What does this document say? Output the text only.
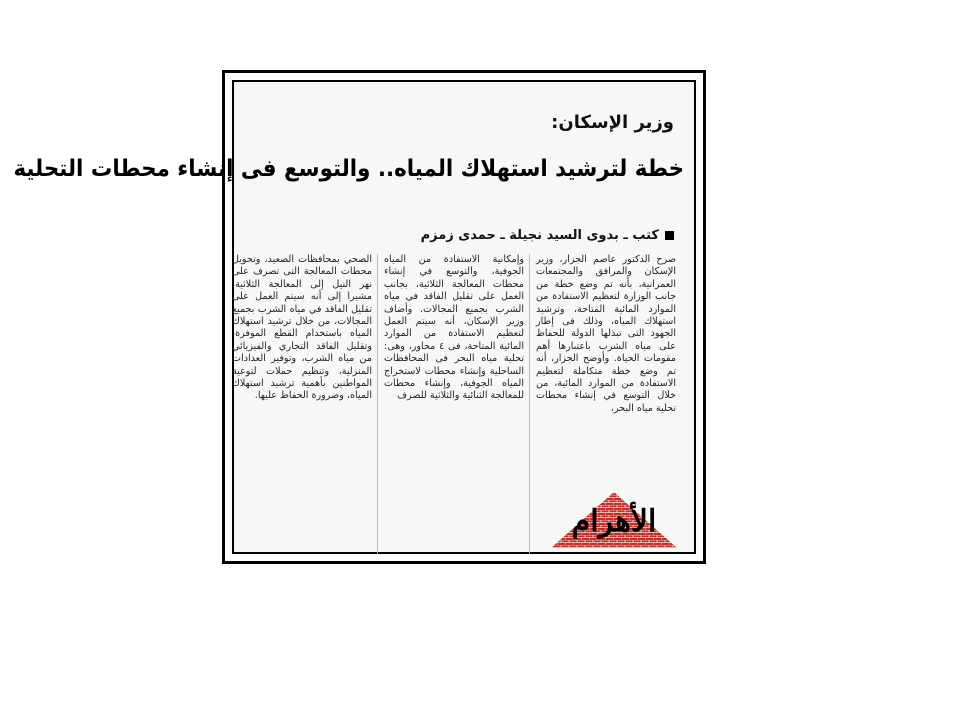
وزير الإسكان:
خطة لترشيد استهلاك المياه.. والتوسع فى إنشاء محطات التحلية
كتب ـ بدوى السيد نجيلة ـ حمدى زمزم

صرح الدكتور عاصم الجزار، وزير الإسكان والمرافق والمجتمعات العمرانية، بأنه تم وضع خطة من جانب الوزارة لتعظيم الاستفادة من الموارد المائية المتاحة، وترشيد استهلاك المياه، وذلك فى إطار الجهود التى تبذلها الدولة للحفاظ على مياه الشرب باعتبارها أهم مقومات الحياة. وأوضح الجزار، أنه تم وضع خطة متكاملة لتعظيم الاستفادة من الموارد المائية، من خلال التوسع في إنشاء محطات تحلية مياه البحر،

وإمكانية الاستفادة من المياه الجوفية، والتوسع في إنشاء محطات المعالجة الثلاثية، بجانب العمل على تقليل الفاقد في مياه الشرب بجميع المجالات. وأضاف وزير الإسكان، أنه سيتم العمل لتعظيم الاستفادة من الموارد المائية المتاحة، فى ٤ محاور، وهى: تحلية مياه البحر فى المحافظات الساحلية وإنشاء محطات لاستخراج المياه الجوفية، وإنشاء محطات للمعالجة الثنائية والثلاثية للصرف

الصحي بمحافظات الصعيد، وتحويل محطات المعالجة التى تصرف على نهر النيل إلى المعالجة الثلاثية، مشيرا إلى أنه سيتم العمل على تقليل الفاقد في مياه الشرب بجميع المجالات، من خلال ترشيد استهلاك المياه باستخدام القطع الموفرة، وتقليل الفاقد التجاري والفيزيائي من مياه الشرب، وتوفير العدادات المنزلية، وتنظيم حملات لتوعية المواطنين بأهمية ترشيد استهلاك المياه، وضرورة الحفاظ عليها.

الأهرام
